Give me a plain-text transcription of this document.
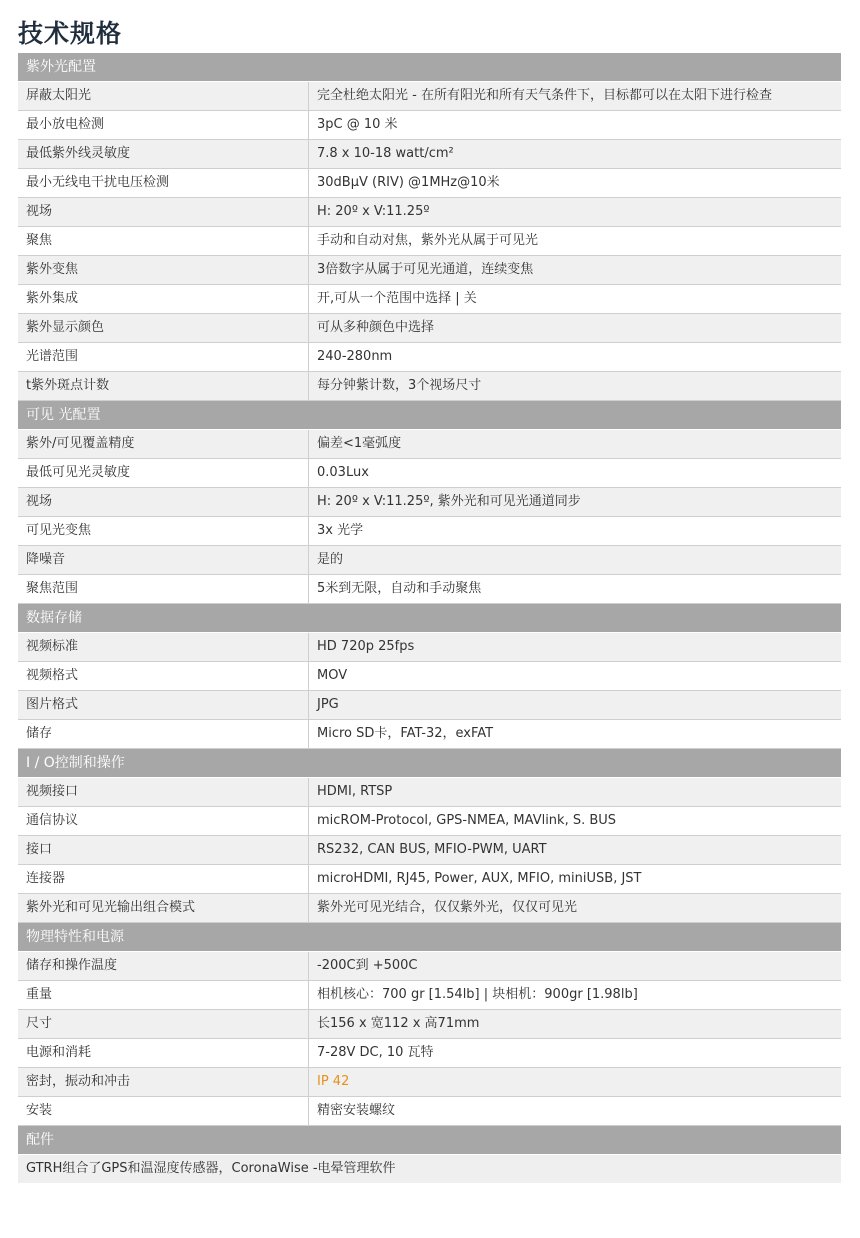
技术规格
紫外光配置
屏蔽太阳光	完全杜绝太阳光 - 在所有阳光和所有天气条件下，目标都可以在太阳下进行检查
最小放电检测	3pC @ 10 米
最低紫外线灵敏度	7.8 x 10-18 watt/cm²
最小无线电干扰电压检测	30dBμV (RIV) @1MHz@10米
视场	H: 20º x V:11.25º
聚焦	手动和自动对焦，紫外光从属于可见光
紫外变焦	3倍数字从属于可见光通道，连续变焦
紫外集成	开,可从一个范围中选择 | 关
紫外显示颜色	可从多种颜色中选择
光谱范围	240-280nm
t紫外斑点计数	每分钟紫计数，3个视场尺寸
可见 光配置
紫外/可见覆盖精度	偏差<1毫弧度
最低可见光灵敏度	0.03Lux
视场	H: 20º x V:11.25º, 紫外光和可见光通道同步
可见光变焦	3x 光学
降噪音	是的
聚焦范围	5米到无限，自动和手动聚焦
数据存储
视频标准	HD 720p 25fps
视频格式	MOV
图片格式	JPG
储存	Micro SD卡，FAT-32，exFAT
I / O控制和操作
视频接口	HDMI, RTSP
通信协议	micROM-Protocol, GPS-NMEA, MAVlink, S. BUS
接口	RS232, CAN BUS, MFIO-PWM, UART
连接器	microHDMI, RJ45, Power, AUX, MFIO, miniUSB, JST
紫外光和可见光输出组合模式	紫外光可见光结合，仅仅紫外光，仅仅可见光
物理特性和电源
储存和操作温度	-200C到 +500C
重量	相机核心：700 gr [1.54lb] | 块相机：900gr [1.98lb]
尺寸	长156 x 宽112 x 高71mm
电源和消耗	7-28V DC, 10 瓦特
密封，振动和冲击	IP 42
安装	精密安装螺纹
配件
GTRH组合了GPS和温湿度传感器，CoronaWise -电晕管理软件
